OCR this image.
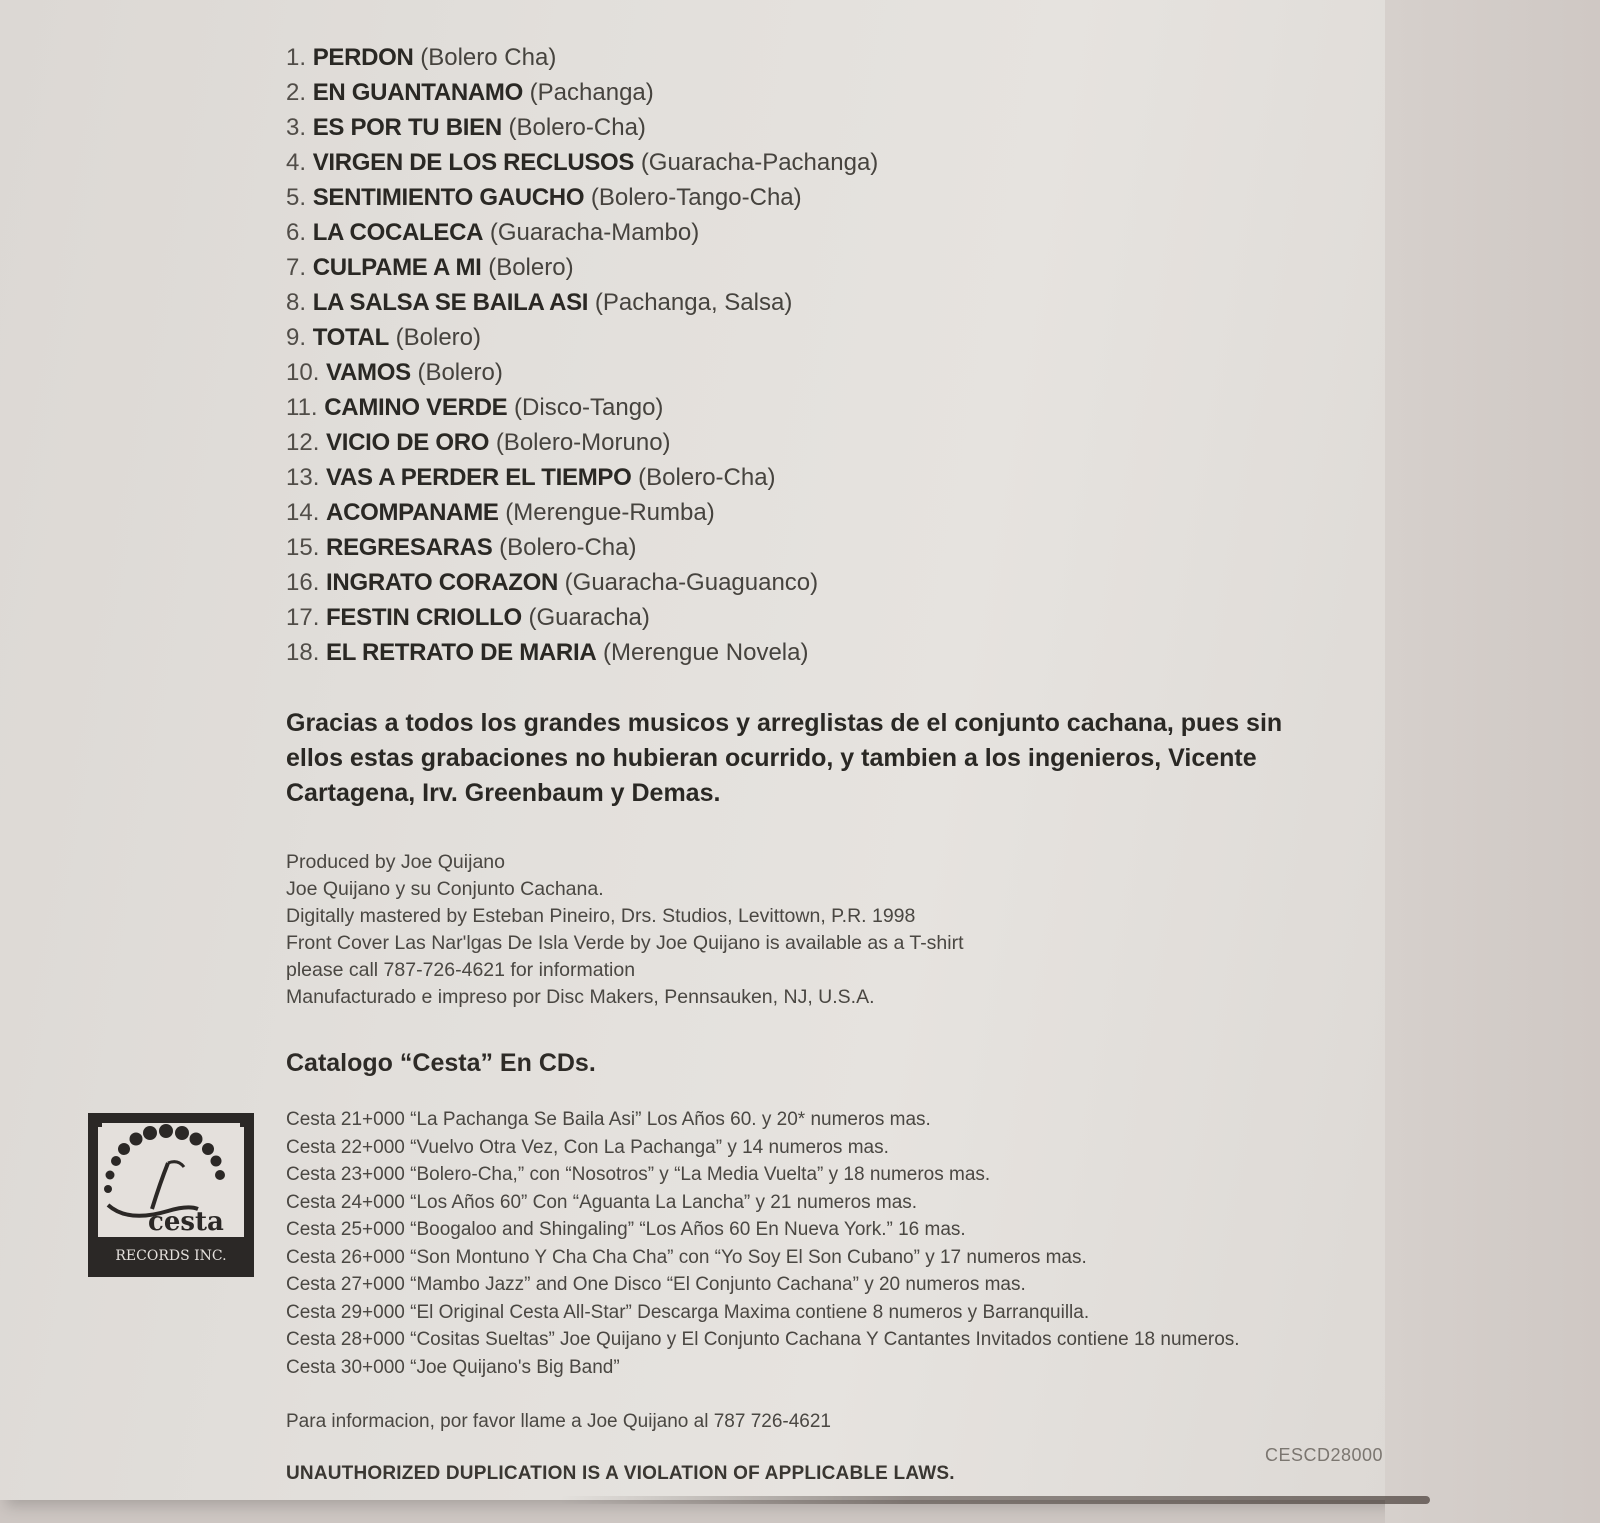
1. PERDON (Bolero Cha)
2. EN GUANTANAMO (Pachanga)
3. ES POR TU BIEN (Bolero-Cha)
4. VIRGEN DE LOS RECLUSOS (Guaracha-Pachanga)
5. SENTIMIENTO GAUCHO (Bolero-Tango-Cha)
6. LA COCALECA (Guaracha-Mambo)
7. CULPAME A MI (Bolero)
8. LA SALSA SE BAILA ASI (Pachanga, Salsa)
9. TOTAL (Bolero)
10. VAMOS (Bolero)
11. CAMINO VERDE (Disco-Tango)
12. VICIO DE ORO (Bolero-Moruno)
13. VAS A PERDER EL TIEMPO (Bolero-Cha)
14. ACOMPANAME (Merengue-Rumba)
15. REGRESARAS (Bolero-Cha)
16. INGRATO CORAZON (Guaracha-Guaguanco)
17. FESTIN CRIOLLO (Guaracha)
18. EL RETRATO DE MARIA (Merengue Novela)
Gracias a todos los grandes musicos y arreglistas de el conjunto cachana, pues sin ellos estas grabaciones no hubieran ocurrido, y tambien a los ingenieros, Vicente Cartagena, Irv. Greenbaum y Demas.
Produced by Joe Quijano
Joe Quijano y su Conjunto Cachana.
Digitally mastered by Esteban Pineiro, Drs. Studios, Levittown, P.R. 1998
Front Cover Las Nar'lgas De Isla Verde by Joe Quijano is available as a T-shirt
please call 787-726-4621 for information
Manufacturado e impreso por Disc Makers, Pennsauken, NJ, U.S.A.
Catalogo “Cesta” En CDs.
Cesta 21+000 “La Pachanga Se Baila Asi” Los Años 60. y 20* numeros mas.
Cesta 22+000 “Vuelvo Otra Vez, Con La Pachanga” y 14 numeros mas.
Cesta 23+000 “Bolero-Cha,” con “Nosotros” y “La Media Vuelta” y 18 numeros mas.
Cesta 24+000 “Los Años 60” Con “Aguanta La Lancha” y 21 numeros mas.
Cesta 25+000 “Boogaloo and Shingaling” “Los Años 60 En Nueva York.” 16 mas.
Cesta 26+000 “Son Montuno Y Cha Cha Cha” con “Yo Soy El Son Cubano” y 17 numeros mas.
Cesta 27+000 “Mambo Jazz” and One Disco “El Conjunto Cachana” y 20 numeros mas.
Cesta 29+000 “El Original Cesta All-Star” Descarga Maxima contiene 8 numeros y Barranquilla.
Cesta 28+000 “Cositas Sueltas” Joe Quijano y El Conjunto Cachana Y Cantantes Invitados contiene 18 numeros.
Cesta 30+000 “Joe Quijano's Big Band”
Para informacion, por favor llame a Joe Quijano al 787 726-4621
UNAUTHORIZED DUPLICATION IS A VIOLATION OF APPLICABLE LAWS.
CESCD28000
cesta
RECORDS INC.
